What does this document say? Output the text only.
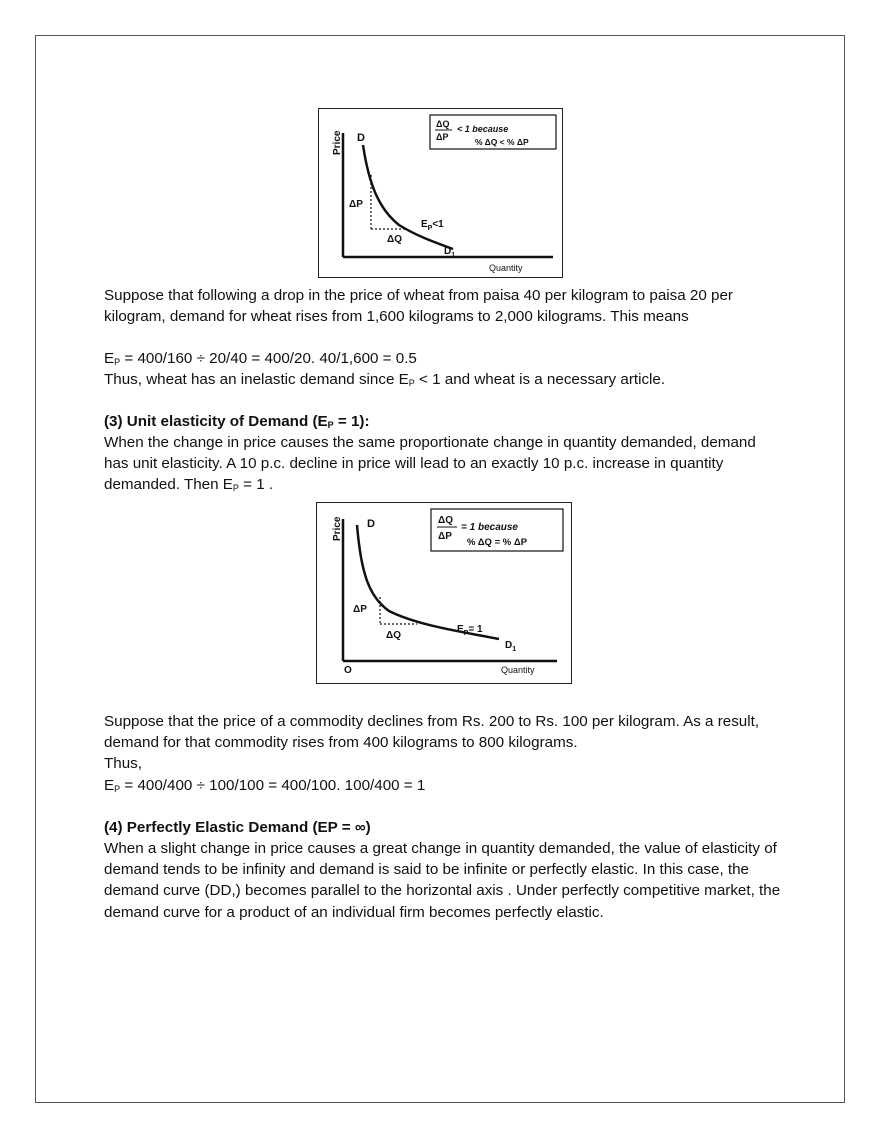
Price
Quantity
D
$D_1$
ΔP
ΔQ
$E_P<1$
ΔQ
ΔP
< 1 because
% ΔQ < % ΔP

Suppose that following a drop in the price of wheat from paisa 40 per kilogram to paisa 20 per kilogram, demand for wheat rises from 1,600 kilograms to 2,000 kilograms. This means

$E_P = 400/160 \div 20/40 = 400/20$. 40/1,600 = 0.5

Thus, wheat has an inelastic demand since $E_P < 1$ and wheat is a necessary article.

(3) Unit elasticity of Demand $(E_P = 1)$:

When the change in price causes the same proportionate change in quantity demanded, demand has unit elasticity. A 10 p.c. decline in price will lead to an exactly 10 p.c. increase in quantity demanded. Then $E_P = 1$ .

Price
Quantity
O
D
$D_1$
ΔP
ΔQ
$E_P= 1$
ΔQ
ΔP
= 1 because
% ΔQ = % ΔP

Suppose that the price of a commodity declines from Rs. 200 to Rs. 100 per kilogram. As a result, demand for that commodity rises from 400 kilograms to 800 kilograms.

Thus,

$E_P = 400/400 \div 100/100 = 400/100$. 100/400 = 1

(4) Perfectly Elastic Demand (EP = ∞)

When a slight change in price causes a great change in quantity demanded, the value of elasticity of demand tends to be infinity and demand is said to be infinite or perfectly elastic. In this case, the demand curve (DD,) becomes parallel to the horizontal axis . Under perfectly competitive market, the demand curve for a product of an individual firm becomes perfectly elastic.
